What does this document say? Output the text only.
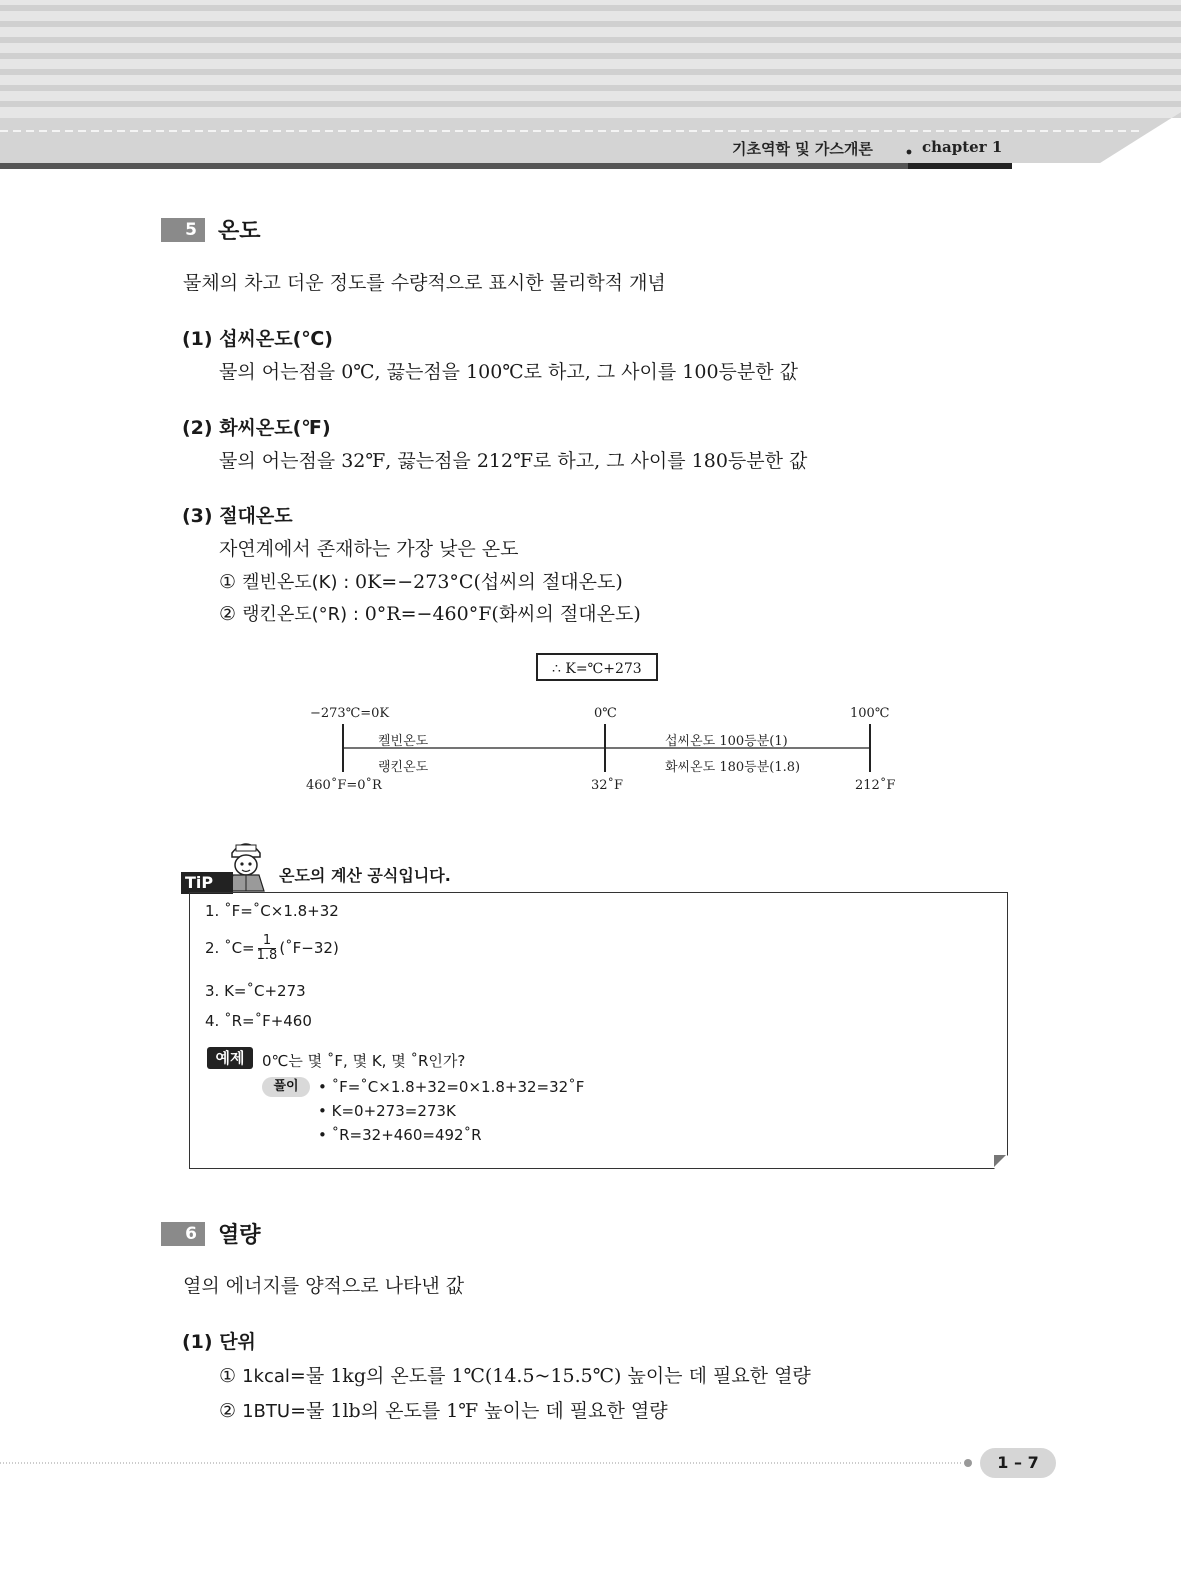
기초역학 및 가스개론	chapter 1
5 온도
물체의 차고 더운 정도를 수량적으로 표시한 물리학적 개념
(1) 섭씨온도(℃)
물의 어는점을 0℃, 끓는점을 100℃로 하고, 그 사이를 100등분한 값
(2) 화씨온도(℉)
물의 어는점을 32℉, 끓는점을 212℉로 하고, 그 사이를 180등분한 값
(3) 절대온도
자연계에서 존재하는 가장 낮은 온도
① 켈빈온도(K) : 0K=−273°C(섭씨의 절대온도)
② 랭킨온도(°R) : 0°R=−460°F(화씨의 절대온도)
∴ K=℃+273
−273℃=0K	0℃	100℃
켈빈온도
랭킨온도
섭씨온도 100등분(1)
화씨온도 180등분(1.8)
460˚F=0˚R	32˚F	212˚F
TiP	온도의 계산 공식입니다.
1. ˚F=˚C×1.8+32
2. ˚C= $\frac{1}{1.8}$ (˚F−32)
3. K=˚C+273
4. ˚R=˚F+460
예제	0℃는 몇 ˚F, 몇 K, 몇 ˚R인가?
풀이	• ˚F=˚C×1.8+32=0×1.8+32=32˚F
• K=0+273=273K
• ˚R=32+460=492˚R
6 열량
열의 에너지를 양적으로 나타낸 값
(1) 단위
① 1kcal=물 1kg의 온도를 1℃(14.5~15.5℃) 높이는 데 필요한 열량
② 1BTU=물 1lb의 온도를 1℉ 높이는 데 필요한 열량
1 – 7
